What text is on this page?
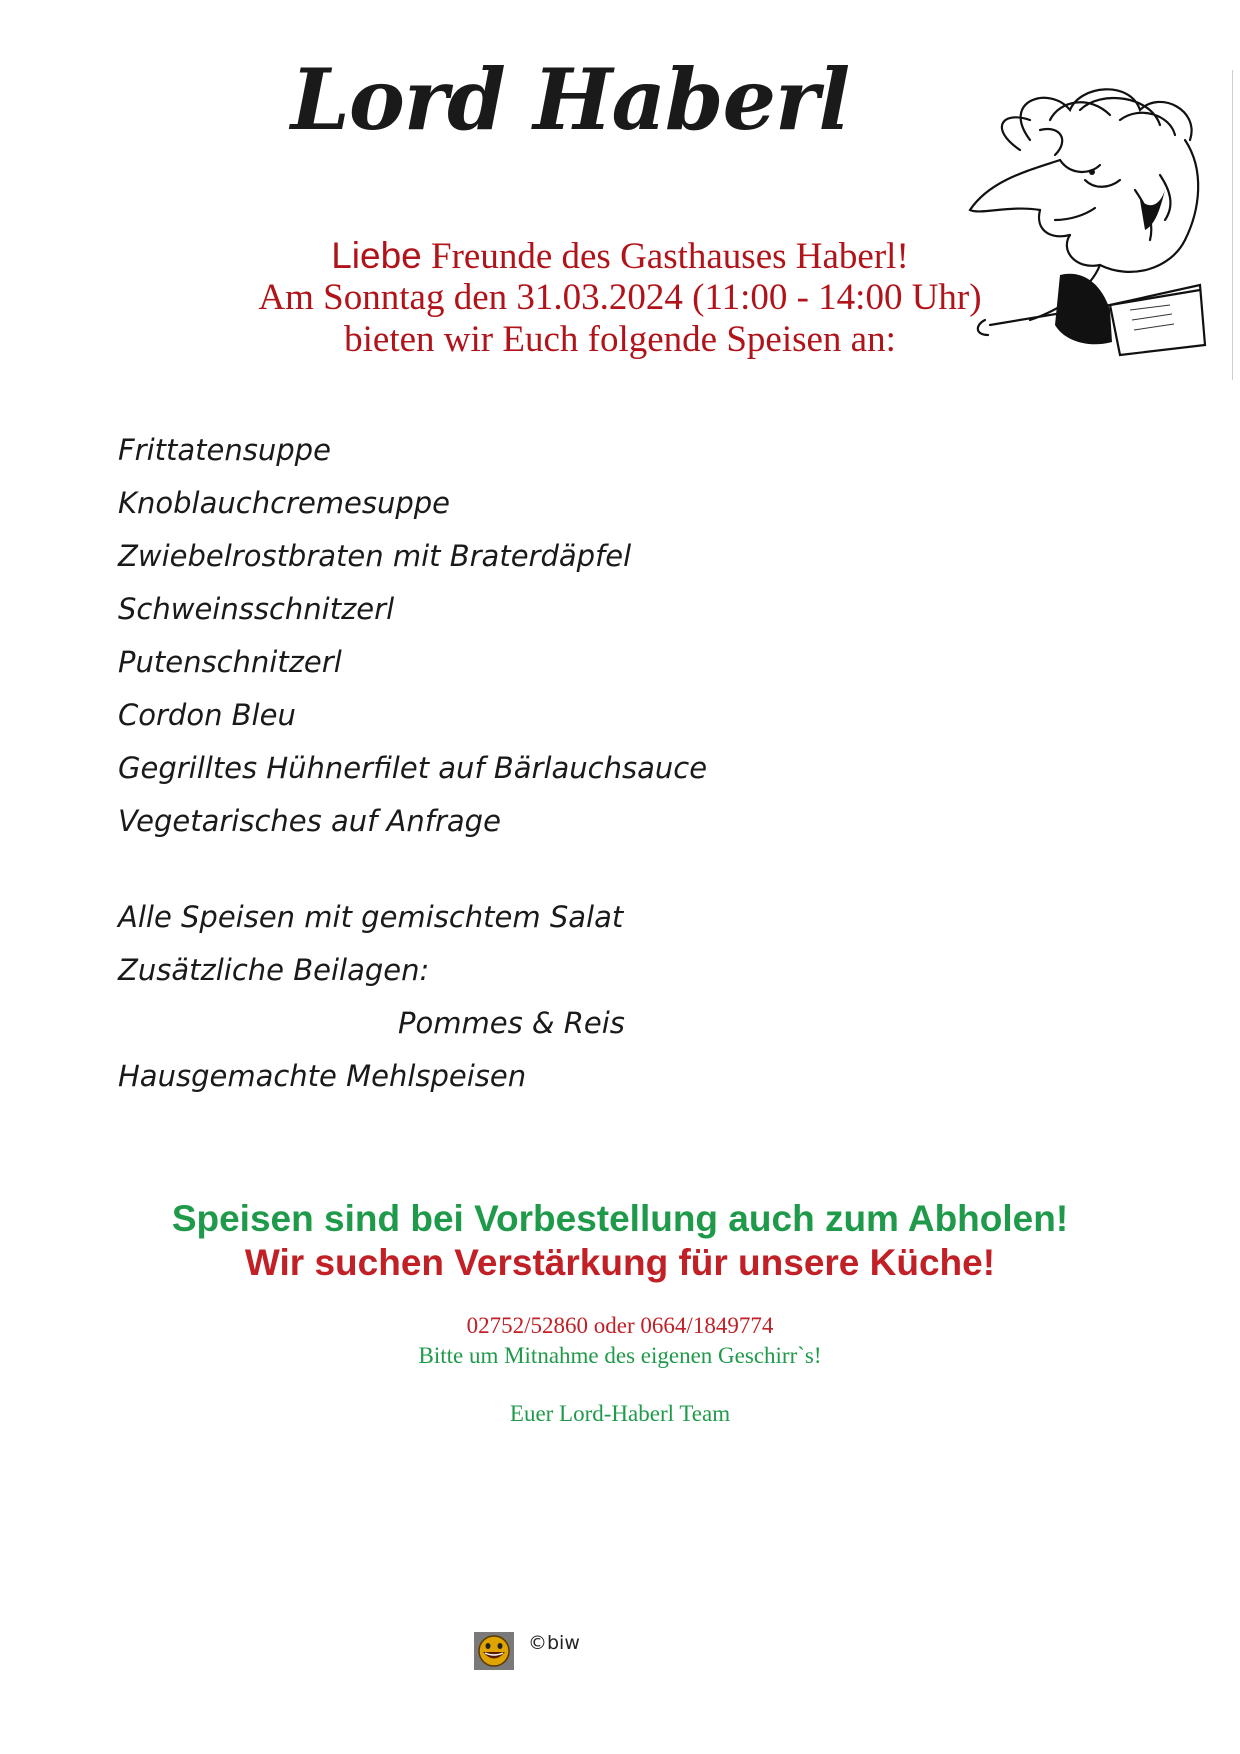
Lord Haberl
Liebe Freunde des Gasthauses Haberl!
Am Sonntag den 31.03.2024 (11:00 - 14:00 Uhr)
bieten wir Euch folgende Speisen an:
Frittatensuppe
Knoblauchcremesuppe
Zwiebelrostbraten mit Braterdäpfel
Schweinsschnitzerl
Putenschnitzerl
Cordon Bleu
Gegrilltes Hühnerfilet auf Bärlauchsauce
Vegetarisches auf Anfrage
Alle Speisen mit gemischtem Salat
Zusätzliche Beilagen:
Pommes & Reis
Hausgemachte Mehlspeisen
Speisen sind bei Vorbestellung auch zum Abholen!
Wir suchen Verstärkung für unsere Küche!
02752/52860 oder 0664/1849774
Bitte um Mitnahme des eigenen Geschirr`s!
Euer Lord-Haberl Team
©biw
